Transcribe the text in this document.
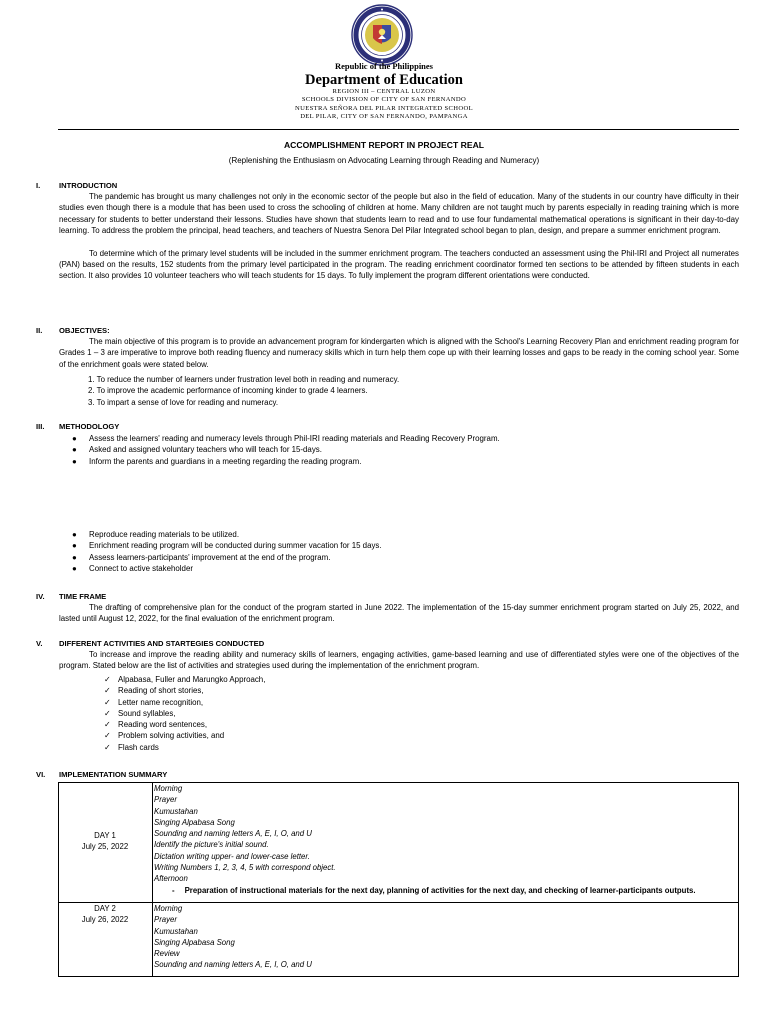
Republic of the Philippines
Department of Education
REGION III – CENTRAL LUZON
SCHOOLS DIVISION OF CITY OF SAN FERNANDO
NUESTRA SEÑORA DEL PILAR INTEGRATED SCHOOL
DEL PILAR, CITY OF SAN FERNANDO, PAMPANGA
ACCOMPLISHMENT REPORT IN PROJECT REAL
(Replenishing the Enthusiasm on Advocating Learning through Reading and Numeracy)
I. INTRODUCTION

The pandemic has brought us many challenges not only in the economic sector of the people but also in the field of education. Many of the students in our country have difficulty in their studies even though there is a module that has been used to cross the schooling of children at home. Many children are not taught much by parents especially in reading training which is more necessary for students to better understand their lessons. Studies have shown that students learn to read and to use four fundamental mathematical operations is significant in their day-to-day learning. To address the problem the principal, head teachers, and teachers of Nuestra Senora Del Pilar Integrated school began to plan, design, and prepare a summer enrichment program.

To determine which of the primary level students will be included in the summer enrichment program. The teachers conducted an assessment using the Phil-IRI and Project all numerates (PAN) based on the results, 152 students from the primary level participated in the program. The reading enrichment coordinator formed ten sections to be attended by fifteen students in each section. It also provides 10 volunteer teachers who will teach students for 15 days. To fully implement the program different orientations were conducted.

II. OBJECTIVES:

The main objective of this program is to provide an advancement program for kindergarten which is aligned with the School's Learning Recovery Plan and enrichment reading program for Grades 1 – 3 are imperative to improve both reading fluency and numeracy skills which in turn help them cope up with their learning losses and gaps to be ready in the coming school year. Some of the enrichment goals were stated below.

1. To reduce the number of learners under frustration level both in reading and numeracy.
2. To improve the academic performance of incoming kinder to grade 4 learners.
3. To impart a sense of love for reading and numeracy.
III. METHODOLOGY
● Assess the learners' reading and numeracy levels through Phil-IRI reading materials and Reading Recovery Program.
● Asked and assigned voluntary teachers who will teach for 15-days.
● Inform the parents and guardians in a meeting regarding the reading program.
● Reproduce reading materials to be utilized.
● Enrichment reading program will be conducted during summer vacation for 15 days.
● Assess learners-participants' improvement at the end of the program.
● Connect to active stakeholder
IV. TIME FRAME

The drafting of comprehensive plan for the conduct of the program started in June 2022. The implementation of the 15-day summer enrichment program started on July 25, 2022, and lasted until August 12, 2022, for the final evaluation of the enrichment program.

V. DIFFERENT ACTIVITIES AND STARTEGIES CONDUCTED

To increase and improve the reading ability and numeracy skills of learners, engaging activities, game-based learning and use of differentiated styles were one of the objectives of the program. Stated below are the list of activities and strategies used during the implementation of the enrichment program.

✓ Alpabasa, Fuller and Marungko Approach,
✓ Reading of short stories,
✓ Letter name recognition,
✓ Sound syllables,
✓ Reading word sentences,
✓ Problem solving activities, and
✓ Flash cards
VI. IMPLEMENTATION SUMMARY
DAY 1
July 25, 2022
Morning
Prayer
Kumustahan
Singing Alpabasa Song
Sounding and naming letters A, E, I, O, and U
Identify the picture's initial sound.
Dictation writing upper- and lower-case letter.
Writing Numbers 1, 2, 3, 4, 5 with correspond object.
Afternoon
- Preparation of instructional materials for the next day, planning of activities for the next day, and checking of learner-participants outputs.
DAY 2
July 26, 2022
Morning
Prayer
Kumustahan
Singing Alpabasa Song
Review
Sounding and naming letters A, E, I, O, and U
